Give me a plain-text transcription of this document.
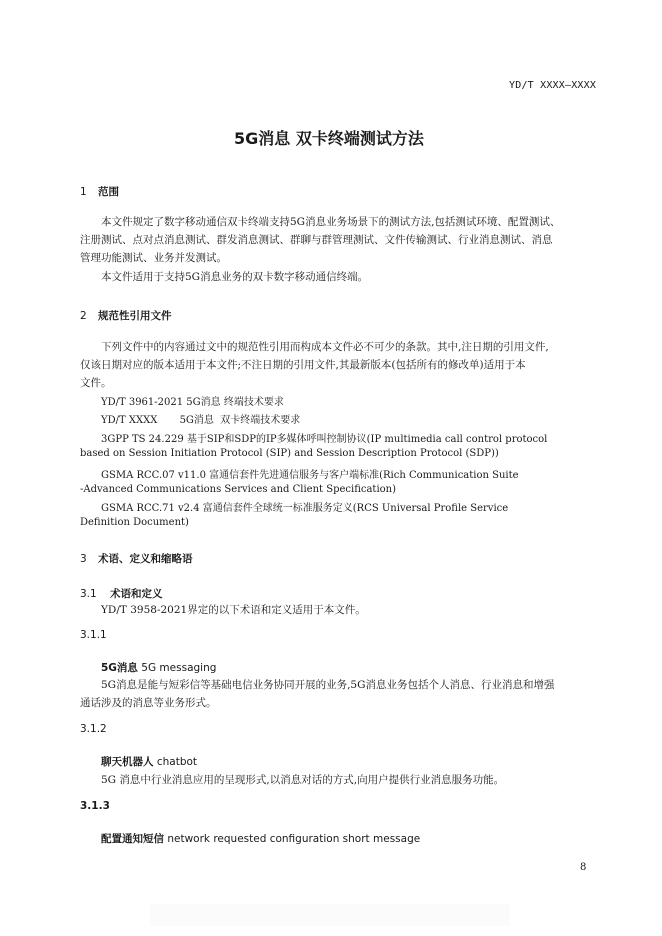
YD/T XXXX—XXXX
5G消息 双卡终端测试方法
1 范围
本文件规定了数字移动通信双卡终端支持5G消息业务场景下的测试方法,包括测试环境、配置测试、
注册测试、点对点消息测试、群发消息测试、群聊与群管理测试、文件传输测试、行业消息测试、消息
管理功能测试、业务并发测试。
本文件适用于支持5G消息业务的双卡数字移动通信终端。
2 规范性引用文件
下列文件中的内容通过文中的规范性引用而构成本文件必不可少的条款。其中,注日期的引用文件,
仅该日期对应的版本适用于本文件;不注日期的引用文件,其最新版本(包括所有的修改单)适用于本
文件。
YD/T 3961-2021 5G消息 终端技术要求
YD/T XXXX       5G消息  双卡终端技术要求
3GPP TS 24.229 基于SIP和SDP的IP多媒体呼叫控制协议(IP multimedia call control protocol
based on Session Initiation Protocol (SIP) and Session Description Protocol (SDP))
GSMA RCC.07 v11.0 富通信套件先进通信服务与客户端标准(Rich Communication Suite
-Advanced Communications Services and Client Specification)
GSMA RCC.71 v2.4 富通信套件全球统一标准服务定义(RCS Universal Profile Service
Definition Document)
3 术语、定义和缩略语
3.1 术语和定义
YD/T 3958-2021界定的以下术语和定义适用于本文件。
3.1.1
5G消息 5G messaging
5G消息是能与短彩信等基础电信业务协同开展的业务,5G消息业务包括个人消息、行业消息和增强
通话涉及的消息等业务形式。
3.1.2
聊天机器人 chatbot
5G 消息中行业消息应用的呈现形式,以消息对话的方式,向用户提供行业消息服务功能。
3.1.3
配置通知短信 network requested configuration short message
8
